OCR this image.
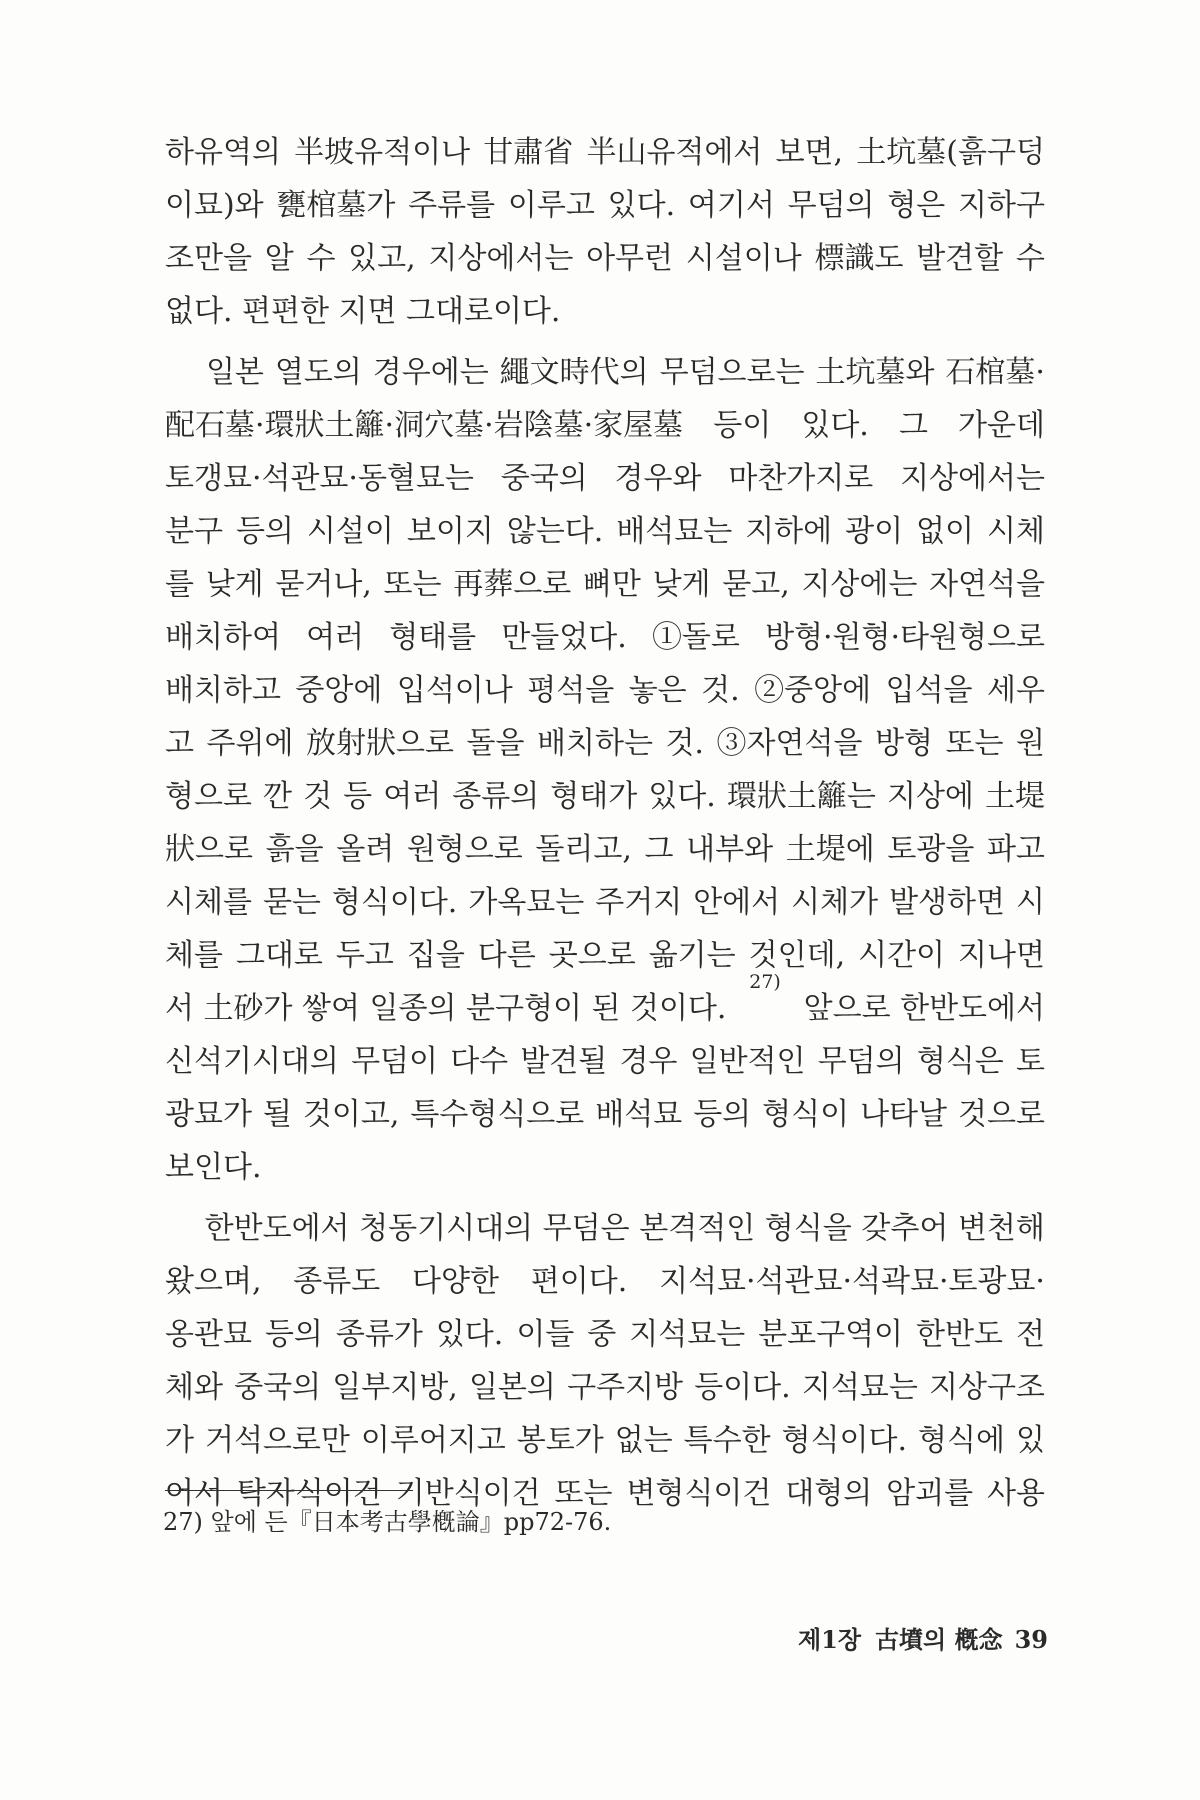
하유역의 半坡유적이나 甘肅省 半山유적에서 보면, 土坑墓(흙구덩
이묘)와 甕棺墓가 주류를 이루고 있다. 여기서 무덤의 형은 지하구
조만을 알 수 있고, 지상에서는 아무런 시설이나 標識도 발견할 수
없다. 편편한 지면 그대로이다.
일본 열도의 경우에는 繩文時代의 무덤으로는 土坑墓와 石棺墓·
配石墓·環狀土籬·洞穴墓·岩陰墓·家屋墓 등이 있다. 그 가운데
토갱묘·석관묘·동혈묘는 중국의 경우와 마찬가지로 지상에서는
분구 등의 시설이 보이지 않는다. 배석묘는 지하에 광이 없이 시체
를 낮게 묻거나, 또는 再葬으로 뼈만 낮게 묻고, 지상에는 자연석을
배치하여 여러 형태를 만들었다. ①돌로 방형·원형·타원형으로
배치하고 중앙에 입석이나 평석을 놓은 것. ②중앙에 입석을 세우
고 주위에 放射狀으로 돌을 배치하는 것. ③자연석을 방형 또는 원
형으로 깐 것 등 여러 종류의 형태가 있다. 環狀土籬는 지상에 土堤
狀으로 흙을 올려 원형으로 돌리고, 그 내부와 土堤에 토광을 파고
시체를 묻는 형식이다. 가옥묘는 주거지 안에서 시체가 발생하면 시
체를 그대로 두고 집을 다른 곳으로 옮기는 것인데, 시간이 지나면
서 土砂가 쌓여 일종의 분구형이 된 것이다.
27)
앞으로 한반도에서
신석기시대의 무덤이 다수 발견될 경우 일반적인 무덤의 형식은 토
광묘가 될 것이고, 특수형식으로 배석묘 등의 형식이 나타날 것으로
보인다.
한반도에서 청동기시대의 무덤은 본격적인 형식을 갖추어 변천해
왔으며, 종류도 다양한 편이다. 지석묘·석관묘·석곽묘·토광묘·
옹관묘 등의 종류가 있다. 이들 중 지석묘는 분포구역이 한반도 전
체와 중국의 일부지방, 일본의 구주지방 등이다. 지석묘는 지상구조
가 거석으로만 이루어지고 봉토가 없는 특수한 형식이다. 형식에 있
어서 탁자식이건 기반식이건 또는 변형식이건 대형의 암괴를 사용
27) 앞에 든『日本考古學槪論』pp72-76.
제1장 古墳의 槪念 39
